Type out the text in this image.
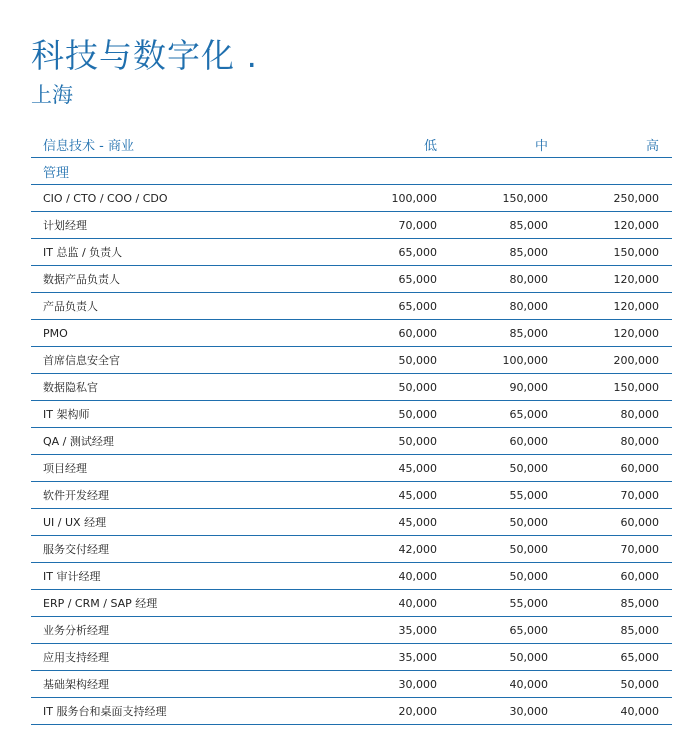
科技与数字化 .
上海
信息技术 - 商业	低	中	高
管理
CIO / CTO / COO / CDO	100,000	150,000	250,000
计划经理	70,000	85,000	120,000
IT 总监 / 负责人	65,000	85,000	150,000
数据产品负责人	65,000	80,000	120,000
产品负责人	65,000	80,000	120,000
PMO	60,000	85,000	120,000
首席信息安全官	50,000	100,000	200,000
数据隐私官	50,000	90,000	150,000
IT 架构师	50,000	65,000	80,000
QA / 测试经理	50,000	60,000	80,000
项目经理	45,000	50,000	60,000
软件开发经理	45,000	55,000	70,000
UI / UX 经理	45,000	50,000	60,000
服务交付经理	42,000	50,000	70,000
IT 审计经理	40,000	50,000	60,000
ERP / CRM / SAP 经理	40,000	55,000	85,000
业务分析经理	35,000	65,000	85,000
应用支持经理	35,000	50,000	65,000
基础架构经理	30,000	40,000	50,000
IT 服务台和桌面支持经理	20,000	30,000	40,000
